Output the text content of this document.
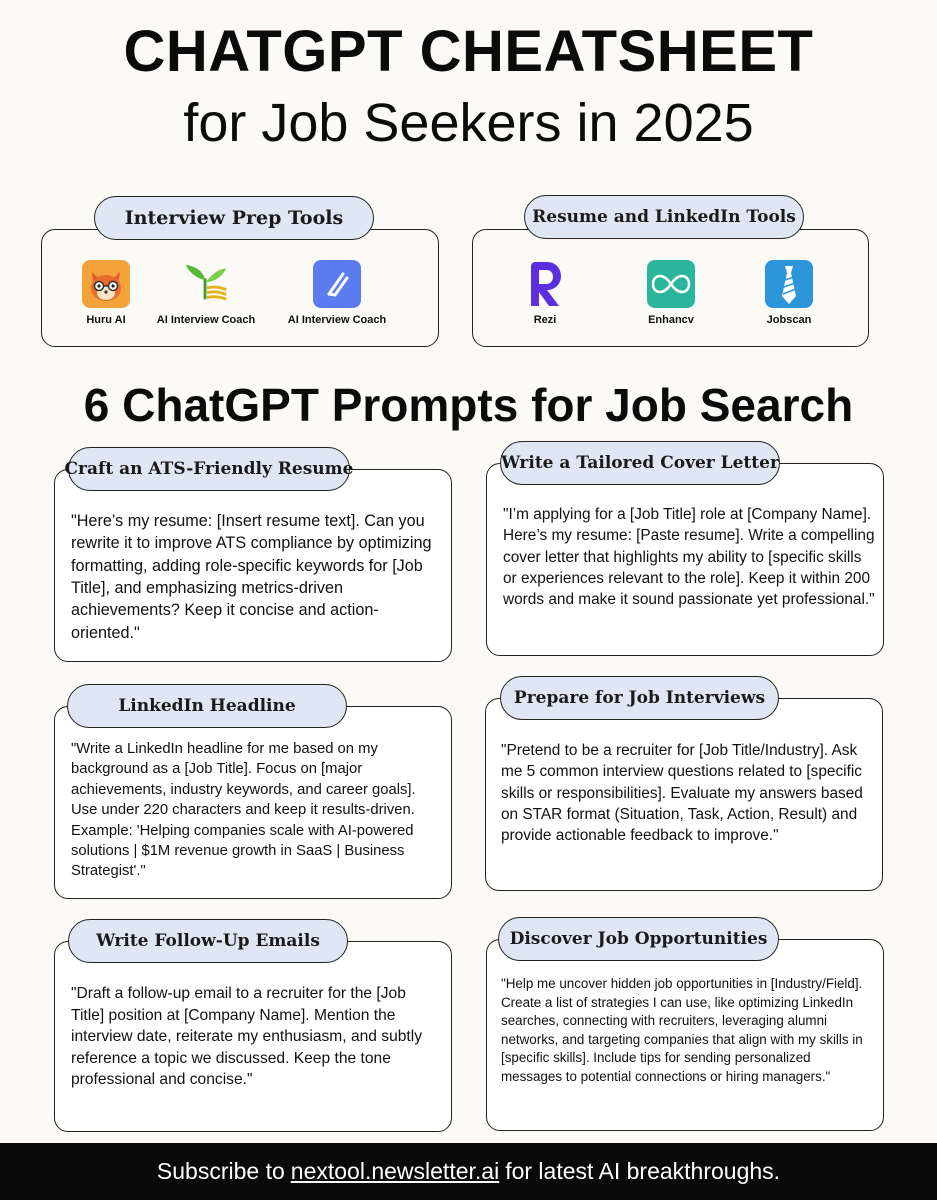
CHATGPT CHEATSHEET
for Job Seekers in 2025
Interview Prep Tools
Huru AI	AI Interview Coach	AI Interview Coach
Resume and LinkedIn Tools
Rezi	Enhancv	Jobscan
6 ChatGPT Prompts for Job Search
Craft an ATS-Friendly Resume
"Here’s my resume: [Insert resume text]. Can you rewrite it to improve ATS compliance by optimizing formatting, adding role-specific keywords for [Job Title], and emphasizing metrics-driven achievements? Keep it concise and action-oriented."
Write a Tailored Cover Letter
"I’m applying for a [Job Title] role at [Company Name]. Here’s my resume: [Paste resume]. Write a compelling cover letter that highlights my ability to [specific skills or experiences relevant to the role]. Keep it within 200 words and make it sound passionate yet professional."
LinkedIn Headline
"Write a LinkedIn headline for me based on my background as a [Job Title]. Focus on [major achievements, industry keywords, and career goals]. Use under 220 characters and keep it results-driven. Example: 'Helping companies scale with AI-powered solutions | $1M revenue growth in SaaS | Business Strategist'."
Prepare for Job Interviews
"Pretend to be a recruiter for [Job Title/Industry]. Ask me 5 common interview questions related to [specific skills or responsibilities]. Evaluate my answers based on STAR format (Situation, Task, Action, Result) and provide actionable feedback to improve."
Write Follow-Up Emails
"Draft a follow-up email to a recruiter for the [Job Title] position at [Company Name]. Mention the interview date, reiterate my enthusiasm, and subtly reference a topic we discussed. Keep the tone professional and concise."
Discover Job Opportunities
"Help me uncover hidden job opportunities in [Industry/Field]. Create a list of strategies I can use, like optimizing LinkedIn searches, connecting with recruiters, leveraging alumni networks, and targeting companies that align with my skills in [specific skills]. Include tips for sending personalized messages to potential connections or hiring managers."
Subscribe to nextool.newsletter.ai for latest AI breakthroughs.
